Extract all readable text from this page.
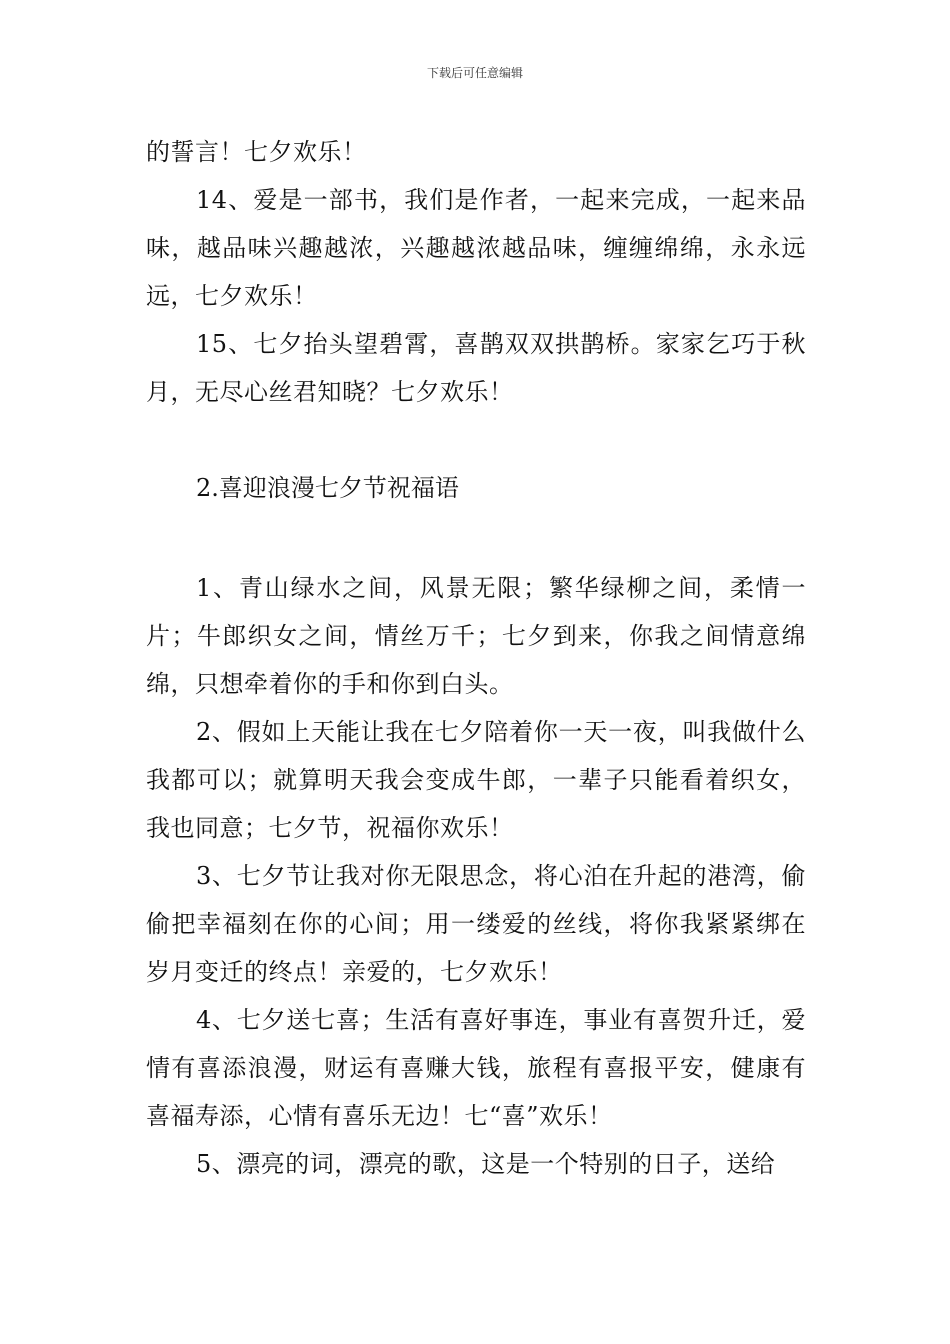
下载后可任意编辑

的誓言！七夕欢乐！

14、爱是一部书，我们是作者，一起来完成，一起来品味，越品味兴趣越浓，兴趣越浓越品味，缠缠绵绵，永永远远，七夕欢乐！

15、七夕抬头望碧霄，喜鹊双双拱鹊桥。家家乞巧于秋月，无尽心丝君知晓？七夕欢乐！

2.喜迎浪漫七夕节祝福语

1、青山绿水之间，风景无限；繁华绿柳之间，柔情一片；牛郎织女之间，情丝万千；七夕到来，你我之间情意绵绵，只想牵着你的手和你到白头。

2、假如上天能让我在七夕陪着你一天一夜，叫我做什么我都可以；就算明天我会变成牛郎，一辈子只能看着织女，我也同意；七夕节，祝福你欢乐！

3、七夕节让我对你无限思念，将心泊在升起的港湾，偷偷把幸福刻在你的心间；用一缕爱的丝线，将你我紧紧绑在岁月变迁的终点！亲爱的，七夕欢乐！

4、七夕送七喜；生活有喜好事连，事业有喜贺升迁，爱情有喜添浪漫，财运有喜赚大钱，旅程有喜报平安，健康有喜福寿添，心情有喜乐无边！七“喜”欢乐！

5、漂亮的词，漂亮的歌，这是一个特别的日子，送给
